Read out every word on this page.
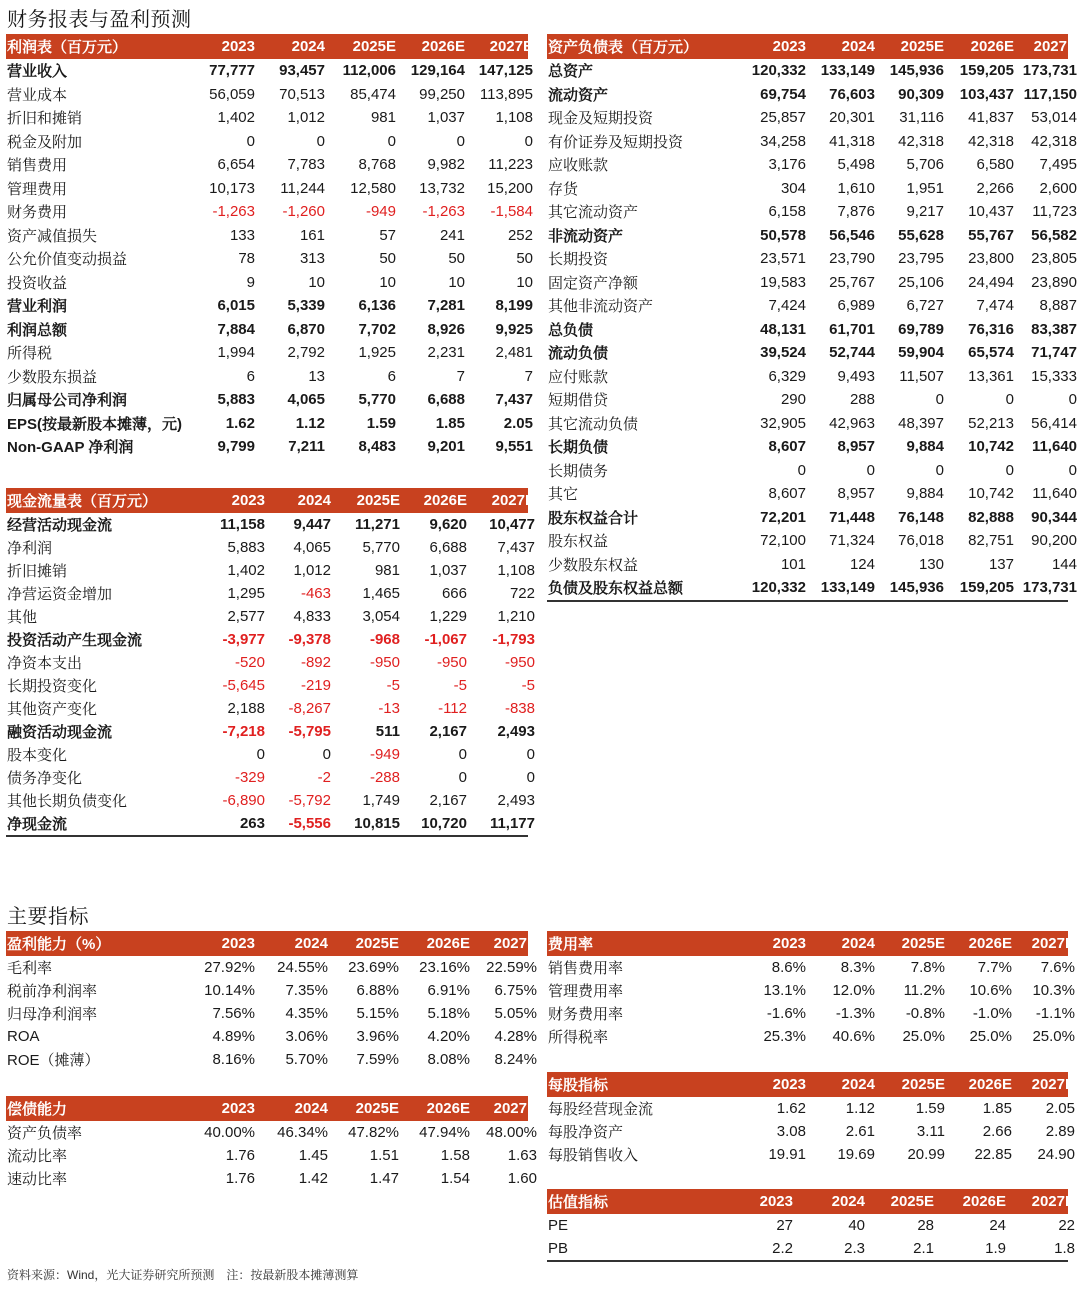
财务报表与盈利预测
主要指标
利润表（百万元）	2023	2024	2025E	2026E	2027E
营业收入	77,777	93,457	112,006 129,164 147,125
营业成本	56,059	70,513	85,474	99,250 113,895
折旧和摊销	1,402	1,012	981	1,037	1,108
税金及附加	0	0	0	0	0
销售费用	6,654	7,783	8,768	9,982	11,223
管理费用	10,173	11,244	12,580	13,732	15,200
财务费用	-1,263	-1,260	-949	-1,263	-1,584
资产减值损失	133	161	57	241	252
公允价值变动损益	78	313	50	50	50
投资收益	9	10	10	10	10
营业利润	6,015	5,339	6,136	7,281	8,199
利润总额	7,884	6,870	7,702	8,926	9,925
所得税	1,994	2,792	1,925	2,231	2,481
少数股东损益	6	13	6	7	7
归属母公司净利润	5,883	4,065	5,770	6,688	7,437
EPS(按最新股本摊薄，元)	1.62	1.12	1.59	1.85	2.05
Non-GAAP 净利润	9,799	7,211	8,483	9,201	9,551
资产负债表（百万元）	2023	2024	2025E	2026E	2027E
总资产	120,332 133,149 145,936	159,205 173,731
流动资产	69,754	76,603	90,309	103,437 117,150
现金及短期投资	25,857	20,301	31,116	41,837	53,014
有价证券及短期投资	34,258	41,318	42,318	42,318	42,318
应收账款	3,176	5,498	5,706	6,580	7,495
存货	304	1,610	1,951	2,266	2,600
其它流动资产	6,158	7,876	9,217	10,437	11,723
非流动资产	50,578	56,546	55,628	55,767	56,582
长期投资	23,571	23,790	23,795	23,800	23,805
固定资产净额	19,583	25,767	25,106	24,494	23,890
其他非流动资产	7,424	6,989	6,727	7,474	8,887
总负债	48,131	61,701	69,789	76,316	83,387
流动负债	39,524	52,744	59,904	65,574	71,747
应付账款	6,329	9,493	11,507	13,361	15,333
短期借贷	290	288	0	0	0
其它流动负债	32,905	42,963	48,397	52,213	56,414
长期负债	8,607	8,957	9,884	10,742	11,640
长期债务	0	0	0	0	0
其它	8,607	8,957	9,884	10,742	11,640
股东权益合计	72,201	71,448	76,148	82,888	90,344
股东权益	72,100	71,324	76,018	82,751	90,200
少数股东权益	101	124	130	137	144
负债及股东权益总额	120,332 133,149 145,936	159,205 173,731
现金流量表（百万元）	2023	2024	2025E	2026E	2027E
经营活动现金流	11,158	9,447	11,271	9,620	10,477
净利润	5,883	4,065	5,770	6,688	7,437
折旧摊销	1,402	1,012	981	1,037	1,108
净营运资金增加	1,295	-463	1,465	666	722
其他	2,577	4,833	3,054	1,229	1,210
投资活动产生现金流	-3,977	-9,378	-968	-1,067	-1,793
净资本支出	-520	-892	-950	-950	-950
长期投资变化	-5,645	-219	-5	-5	-5
其他资产变化	2,188	-8,267	-13	-112	-838
融资活动现金流	-7,218	-5,795	511	2,167	2,493
股本变化	0	0	-949	0	0
债务净变化	-329	-2	-288	0	0
其他长期负债变化	-6,890	-5,792	1,749	2,167	2,493
净现金流	263	-5,556	10,815	10,720	11,177
盈利能力（%）	2023	2024	2025E	2026E	2027E
毛利率	27.92%	24.55%	23.69%	23.16%	22.59%
税前净利润率	10.14%	7.35%	6.88%	6.91%	6.75%
归母净利润率	7.56%	4.35%	5.15%	5.18%	5.05%
ROA	4.89%	3.06%	3.96%	4.20%	4.28%
ROE（摊薄）	8.16%	5.70%	7.59%	8.08%	8.24%
费用率	2023	2024	2025E	2026E	2027E
销售费用率	8.6%	8.3%	7.8%	7.7%	7.6%
管理费用率	13.1%	12.0%	11.2%	10.6%	10.3%
财务费用率	-1.6%	-1.3%	-0.8%	-1.0%	-1.1%
所得税率	25.3%	40.6%	25.0%	25.0%	25.0%
偿债能力	2023	2024	2025E	2026E	2027E
资产负债率	40.00%	46.34%	47.82%	47.94%	48.00%
流动比率	1.76	1.45	1.51	1.58	1.63
速动比率	1.76	1.42	1.47	1.54	1.60
每股指标	2023	2024	2025E	2026E	2027E
每股经营现金流	1.62	1.12	1.59	1.85	2.05
每股净资产	3.08	2.61	3.11	2.66	2.89
每股销售收入	19.91	19.69	20.99	22.85	24.90
估值指标	2023	2024	2025E	2026E	2027E
PE	27	40	28	24	22
PB	2.2	2.3	2.1	1.9	1.8
资料来源：Wind，光大证券研究所预测　注：按最新股本摊薄测算
